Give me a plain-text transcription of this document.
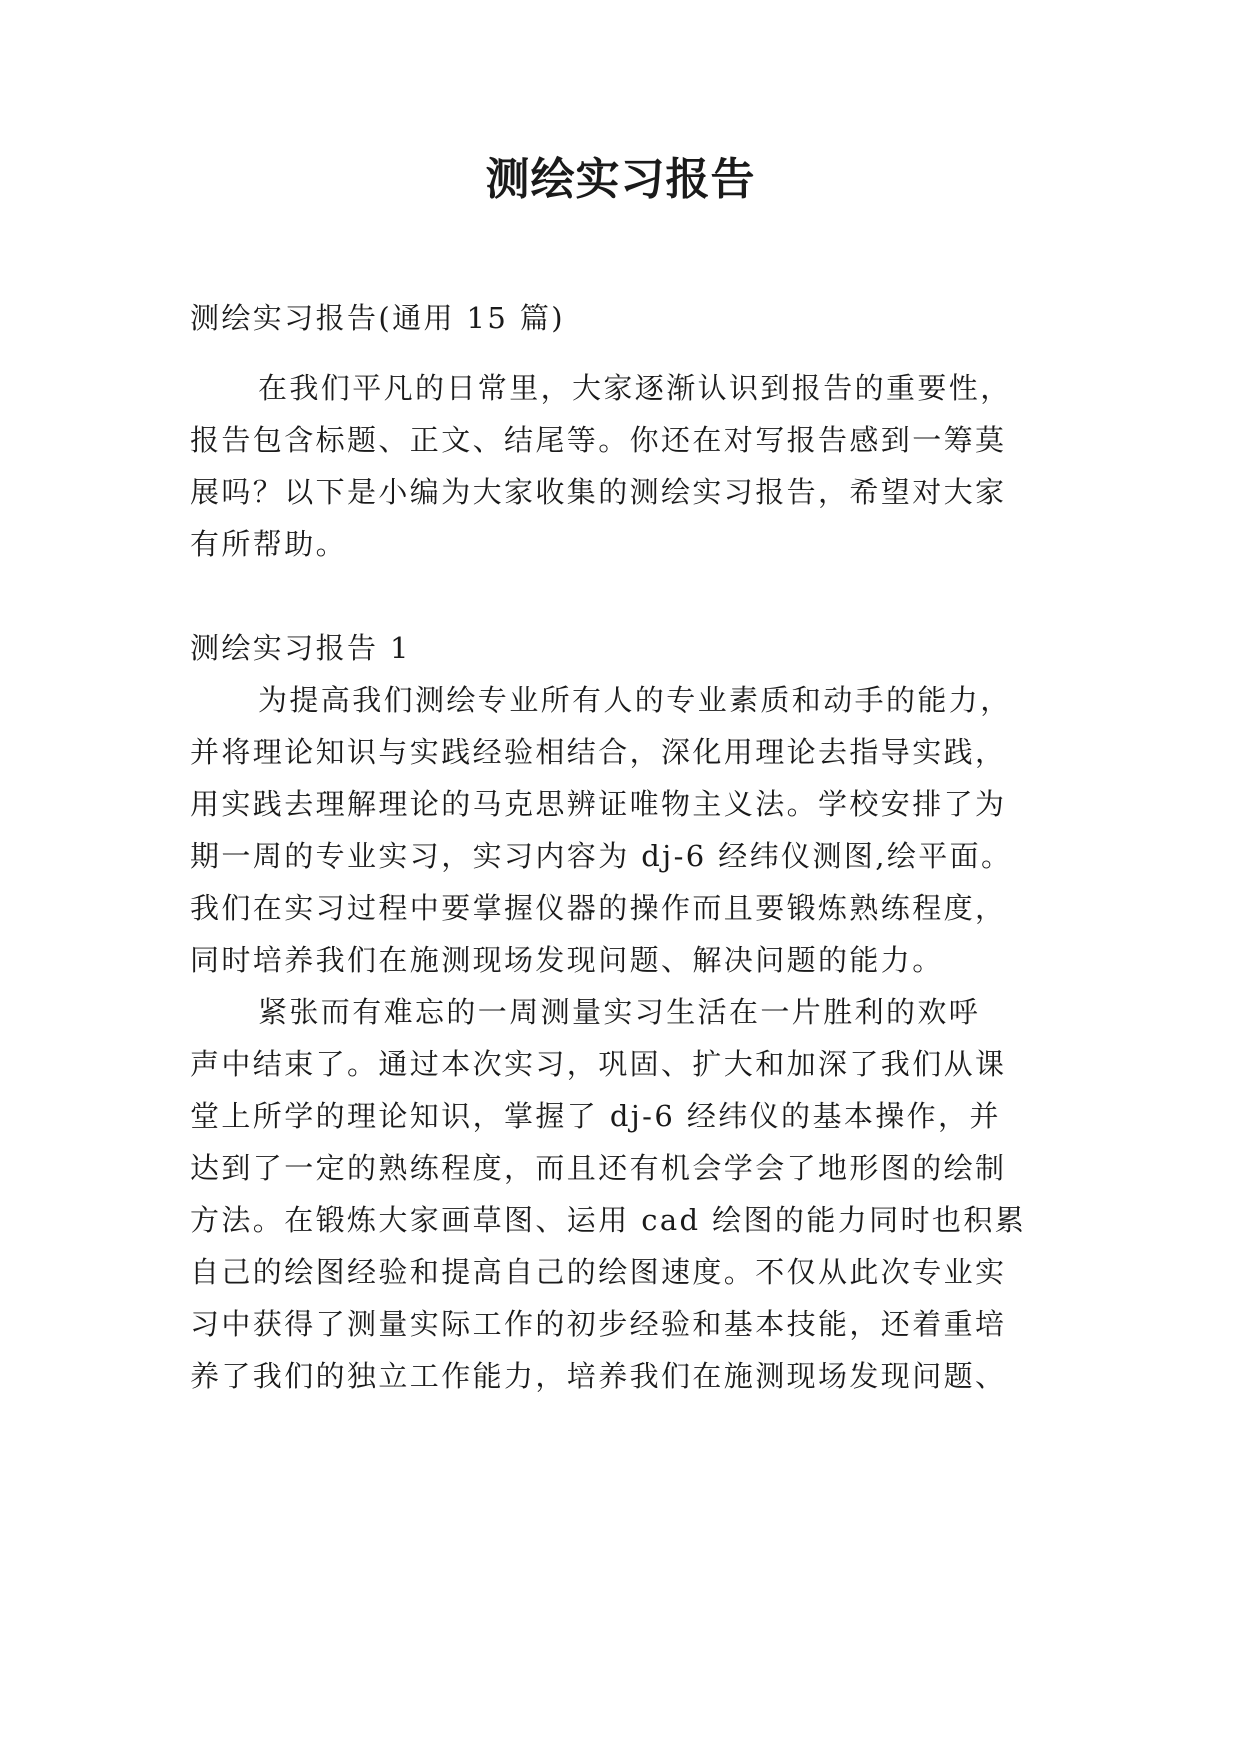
测绘实习报告
测绘实习报告(通用 15 篇)
在我们平凡的日常里，大家逐渐认识到报告的重要性，
报告包含标题、正文、结尾等。你还在对写报告感到一筹莫
展吗？以下是小编为大家收集的测绘实习报告，希望对大家
有所帮助。
测绘实习报告 1
为提高我们测绘专业所有人的专业素质和动手的能力，
并将理论知识与实践经验相结合，深化用理论去指导实践，
用实践去理解理论的马克思辨证唯物主义法。学校安排了为
期一周的专业实习，实习内容为 dj-6 经纬仪测图,绘平面。
我们在实习过程中要掌握仪器的操作而且要锻炼熟练程度，
同时培养我们在施测现场发现问题、解决问题的能力。
紧张而有难忘的一周测量实习生活在一片胜利的欢呼
声中结束了。通过本次实习，巩固、扩大和加深了我们从课
堂上所学的理论知识，掌握了 dj-6 经纬仪的基本操作，并
达到了一定的熟练程度，而且还有机会学会了地形图的绘制
方法。在锻炼大家画草图、运用 cad 绘图的能力同时也积累
自己的绘图经验和提高自己的绘图速度。不仅从此次专业实
习中获得了测量实际工作的初步经验和基本技能，还着重培
养了我们的独立工作能力，培养我们在施测现场发现问题、
